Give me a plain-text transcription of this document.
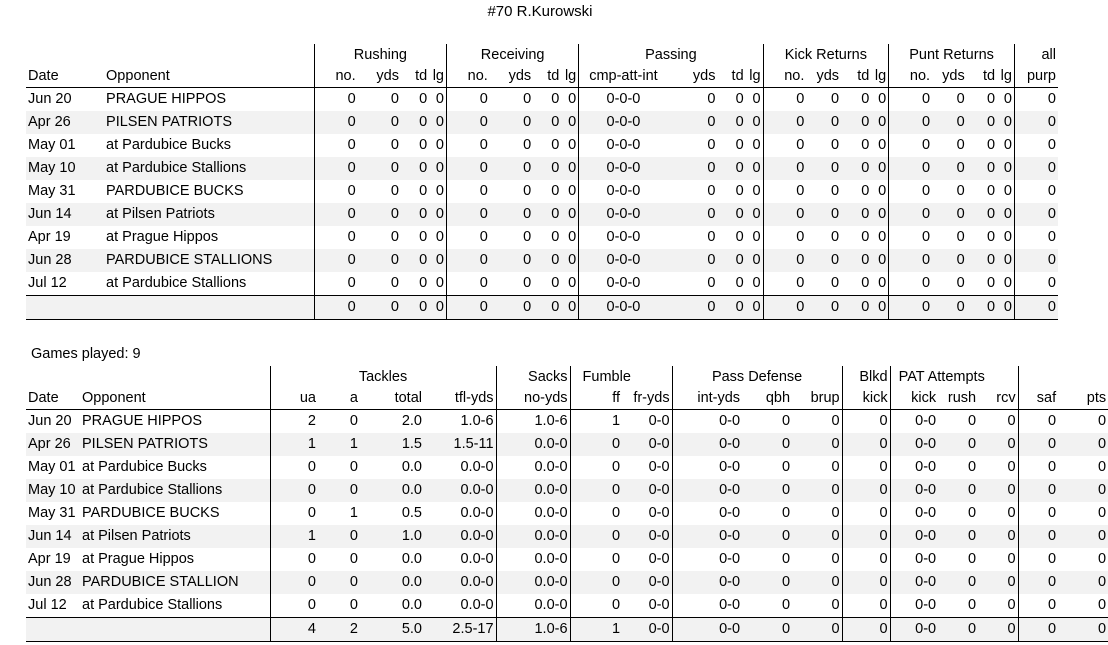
#70 R.Kurowski
		Rushing				Receiving				Passing				Kick Returns				Punt Returns				all
Date	Opponent	no.	yds	td	lg	no.	yds	td	lg	cmp-att-int	yds	td	lg	no.	yds	td	lg	no.	yds	td	lg	purp
Jun 20	PRAGUE HIPPOS	0	0	0	0	0	0	0	0	0-0-0	0	0	0	0	0	0	0	0	0	0	0	0
Apr 26	PILSEN PATRIOTS	0	0	0	0	0	0	0	0	0-0-0	0	0	0	0	0	0	0	0	0	0	0	0
May 01	at Pardubice Bucks	0	0	0	0	0	0	0	0	0-0-0	0	0	0	0	0	0	0	0	0	0	0	0
May 10	at Pardubice Stallions	0	0	0	0	0	0	0	0	0-0-0	0	0	0	0	0	0	0	0	0	0	0	0
May 31	PARDUBICE BUCKS	0	0	0	0	0	0	0	0	0-0-0	0	0	0	0	0	0	0	0	0	0	0	0
Jun 14	at Pilsen Patriots	0	0	0	0	0	0	0	0	0-0-0	0	0	0	0	0	0	0	0	0	0	0	0
Apr 19	at Prague Hippos	0	0	0	0	0	0	0	0	0-0-0	0	0	0	0	0	0	0	0	0	0	0	0
Jun 28	PARDUBICE STALLIONS	0	0	0	0	0	0	0	0	0-0-0	0	0	0	0	0	0	0	0	0	0	0	0
Jul 12	at Pardubice Stallions	0	0	0	0	0	0	0	0	0-0-0	0	0	0	0	0	0	0	0	0	0	0	0
		0	0	0	0	0	0	0	0	0-0-0	0	0	0	0	0	0	0	0	0	0	0	0
Games played: 9
		Tackles				Sacks	Fumble		Pass Defense			Blkd	PAT Attempts				
Date	Opponent	ua	a	total	tfl-yds	no-yds	ff	fr-yds	int-yds	qbh	brup	kick	kick	rush	rcv	saf	pts
Jun 20	PRAGUE HIPPOS	2	0	2.0	1.0-6	1.0-6	1	0-0	0-0	0	0	0	0-0	0	0	0	0
Apr 26	PILSEN PATRIOTS	1	1	1.5	1.5-11	0.0-0	0	0-0	0-0	0	0	0	0-0	0	0	0	0
May 01	at Pardubice Bucks	0	0	0.0	0.0-0	0.0-0	0	0-0	0-0	0	0	0	0-0	0	0	0	0
May 10	at Pardubice Stallions	0	0	0.0	0.0-0	0.0-0	0	0-0	0-0	0	0	0	0-0	0	0	0	0
May 31	PARDUBICE BUCKS	0	1	0.5	0.0-0	0.0-0	0	0-0	0-0	0	0	0	0-0	0	0	0	0
Jun 14	at Pilsen Patriots	1	0	1.0	0.0-0	0.0-0	0	0-0	0-0	0	0	0	0-0	0	0	0	0
Apr 19	at Prague Hippos	0	0	0.0	0.0-0	0.0-0	0	0-0	0-0	0	0	0	0-0	0	0	0	0
Jun 28	PARDUBICE STALLION	0	0	0.0	0.0-0	0.0-0	0	0-0	0-0	0	0	0	0-0	0	0	0	0
Jul 12	at Pardubice Stallions	0	0	0.0	0.0-0	0.0-0	0	0-0	0-0	0	0	0	0-0	0	0	0	0
		4	2	5.0	2.5-17	1.0-6	1	0-0	0-0	0	0	0	0-0	0	0	0	0
